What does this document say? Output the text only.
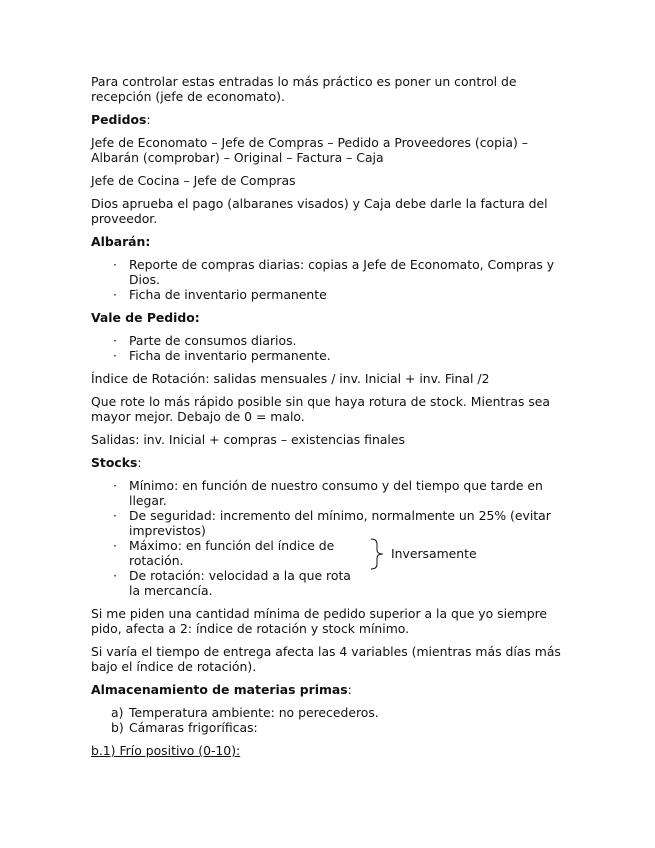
Para controlar estas entradas lo más práctico es poner un control de recepción (jefe de economato).

Pedidos:

Jefe de Economato – Jefe de Compras – Pedido a Proveedores (copia) – Albarán (comprobar) – Original – Factura – Caja

Jefe de Cocina – Jefe de Compras

Dios aprueba el pago (albaranes visados) y Caja debe darle la factura del proveedor.

Albarán:

· Reporte de compras diarias: copias a Jefe de Economato, Compras y Dios.
· Ficha de inventario permanente

Vale de Pedido:

· Parte de consumos diarios.
· Ficha de inventario permanente.

Índice de Rotación: salidas mensuales / inv. Inicial + inv. Final /2

Que rote lo más rápido posible sin que haya rotura de stock. Mientras sea mayor mejor. Debajo de 0 = malo.

Salidas: inv. Inicial + compras – existencias finales

Stocks:

· Mínimo: en función de nuestro consumo y del tiempo que tarde en llegar.
· De seguridad: incremento del mínimo, normalmente un 25% (evitar imprevistos)
· Máximo: en función del índice de rotación.	Inversamente
· De rotación: velocidad a la que rota la mercancía.

Si me piden una cantidad mínima de pedido superior a la que yo siempre pido, afecta a 2: índice de rotación y stock mínimo.

Si varía el tiempo de entrega afecta las 4 variables (mientras más días más bajo el índice de rotación).

Almacenamiento de materias primas:

a) Temperatura ambiente: no perecederos.
b) Cámaras frigoríficas:

b.1) Frío positivo (0-10):
